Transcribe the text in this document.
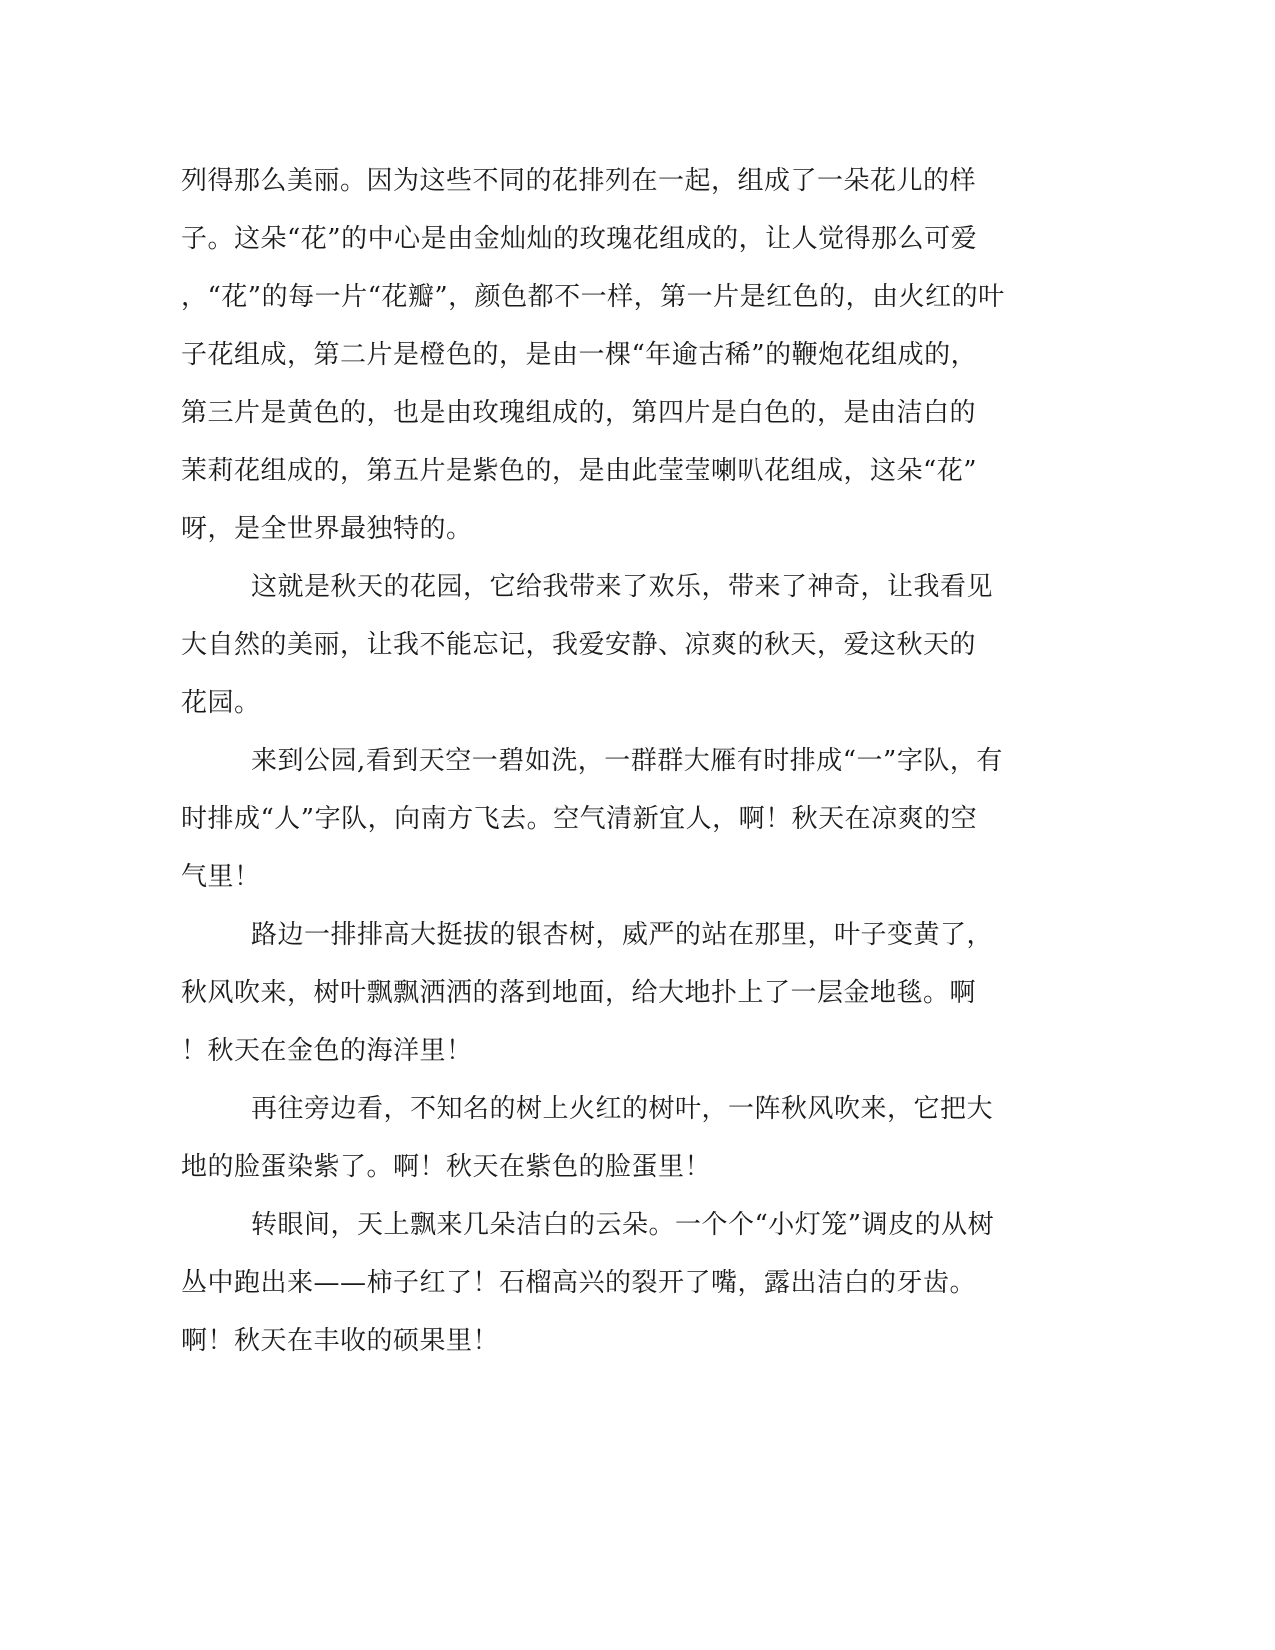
列得那么美丽。因为这些不同的花排列在一起，组成了一朵花儿的样
子。这朵“花”的中心是由金灿灿的玫瑰花组成的，让人觉得那么可爱
，“花”的每一片“花瓣”，颜色都不一样，第一片是红色的，由火红的叶
子花组成，第二片是橙色的，是由一棵“年逾古稀”的鞭炮花组成的，
第三片是黄色的，也是由玫瑰组成的，第四片是白色的，是由洁白的
茉莉花组成的，第五片是紫色的，是由此莹莹喇叭花组成，这朵“花”
呀，是全世界最独特的。
这就是秋天的花园，它给我带来了欢乐，带来了神奇，让我看见
大自然的美丽，让我不能忘记，我爱安静、凉爽的秋天，爱这秋天的
花园。
来到公园,看到天空一碧如洗，一群群大雁有时排成“一”字队，有
时排成“人”字队，向南方飞去。空气清新宜人，啊！秋天在凉爽的空
气里！
路边一排排高大挺拔的银杏树，威严的站在那里，叶子变黄了，
秋风吹来，树叶飘飘洒洒的落到地面，给大地扑上了一层金地毯。啊
！秋天在金色的海洋里！
再往旁边看，不知名的树上火红的树叶，一阵秋风吹来，它把大
地的脸蛋染紫了。啊！秋天在紫色的脸蛋里！
转眼间，天上飘来几朵洁白的云朵。一个个“小灯笼”调皮的从树
丛中跑出来——柿子红了！石榴高兴的裂开了嘴，露出洁白的牙齿。
啊！秋天在丰收的硕果里！
